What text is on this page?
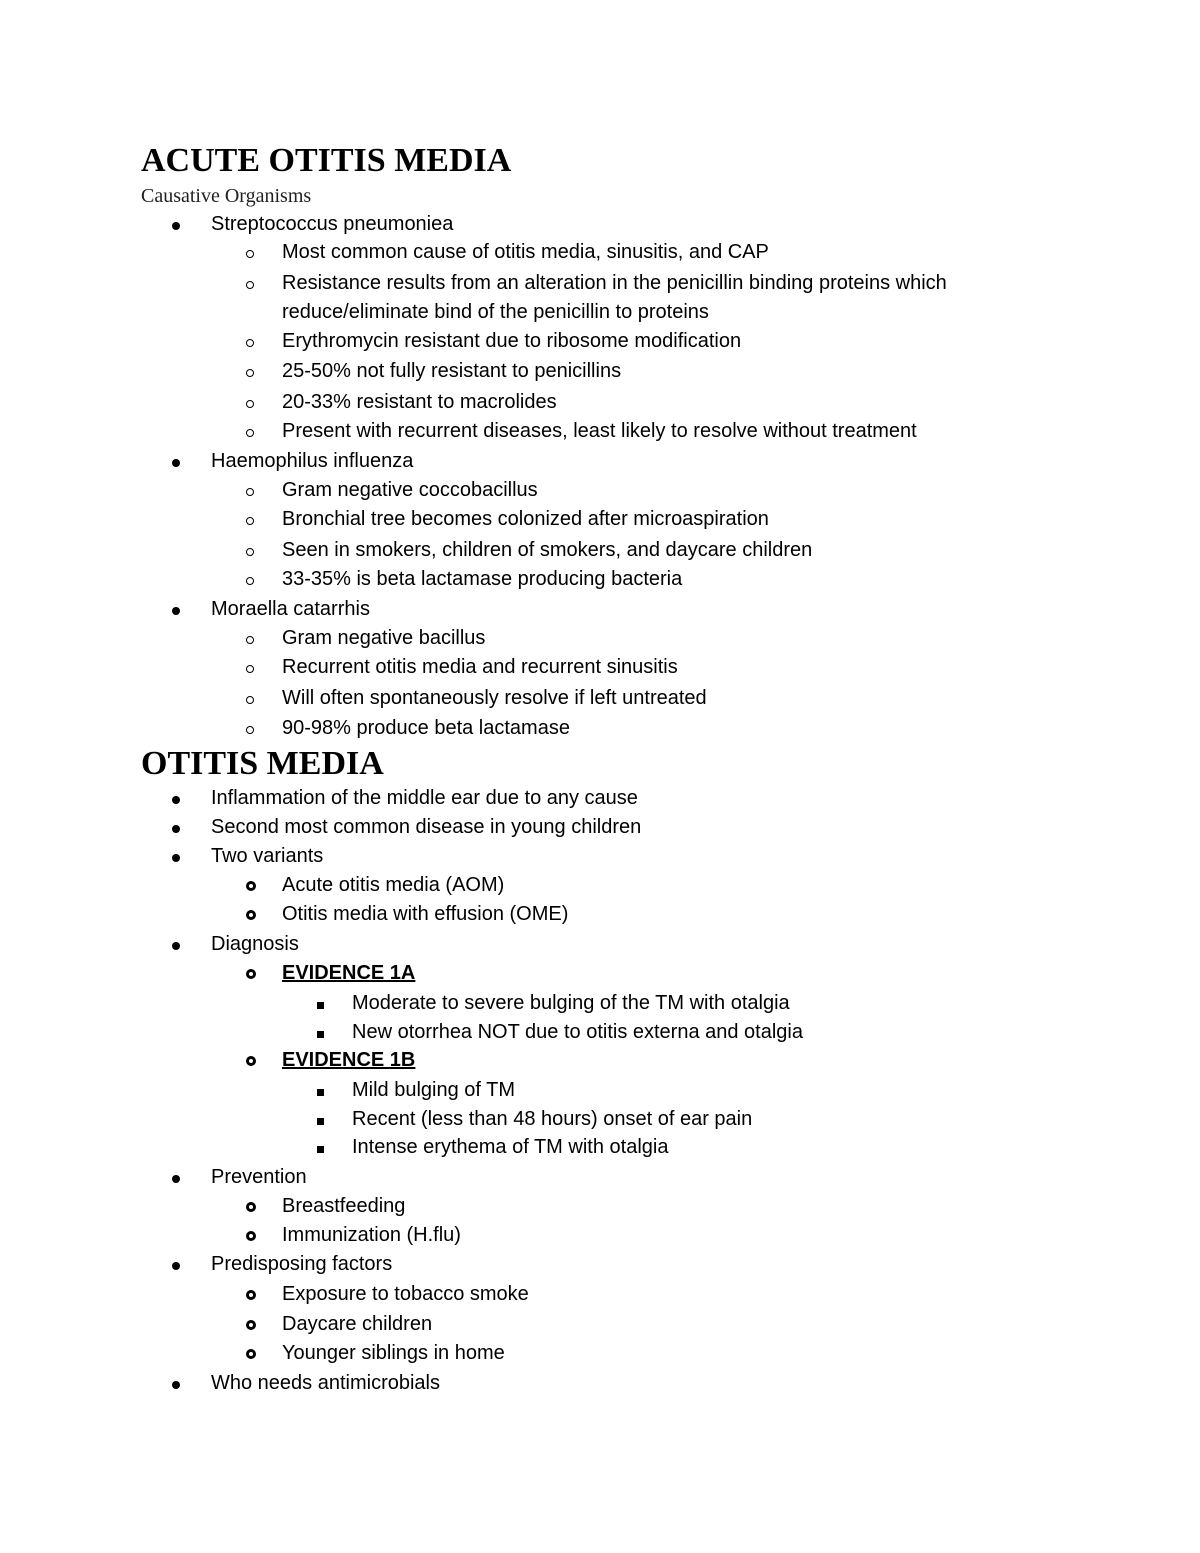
ACUTE OTITIS MEDIA
Causative Organisms
Streptococcus pneumoniea
Most common cause of otitis media, sinusitis, and CAP
Resistance results from an alteration in the penicillin binding proteins which
reduce/eliminate bind of the penicillin to proteins
Erythromycin resistant due to ribosome modification
25-50% not fully resistant to penicillins
20-33% resistant to macrolides
Present with recurrent diseases, least likely to resolve without treatment
Haemophilus influenza
Gram negative coccobacillus
Bronchial tree becomes colonized after microaspiration
Seen in smokers, children of smokers, and daycare children
33-35% is beta lactamase producing bacteria
Moraella catarrhis
Gram negative bacillus
Recurrent otitis media and recurrent sinusitis
Will often spontaneously resolve if left untreated
90-98% produce beta lactamase
OTITIS MEDIA
Inflammation of the middle ear due to any cause
Second most common disease in young children
Two variants
Acute otitis media (AOM)
Otitis media with effusion (OME)
Diagnosis
EVIDENCE 1A
Moderate to severe bulging of the TM with otalgia
New otorrhea NOT due to otitis externa and otalgia
EVIDENCE 1B
Mild bulging of TM
Recent (less than 48 hours) onset of ear pain
Intense erythema of TM with otalgia
Prevention
Breastfeeding
Immunization (H.flu)
Predisposing factors
Exposure to tobacco smoke
Daycare children
Younger siblings in home
Who needs antimicrobials
